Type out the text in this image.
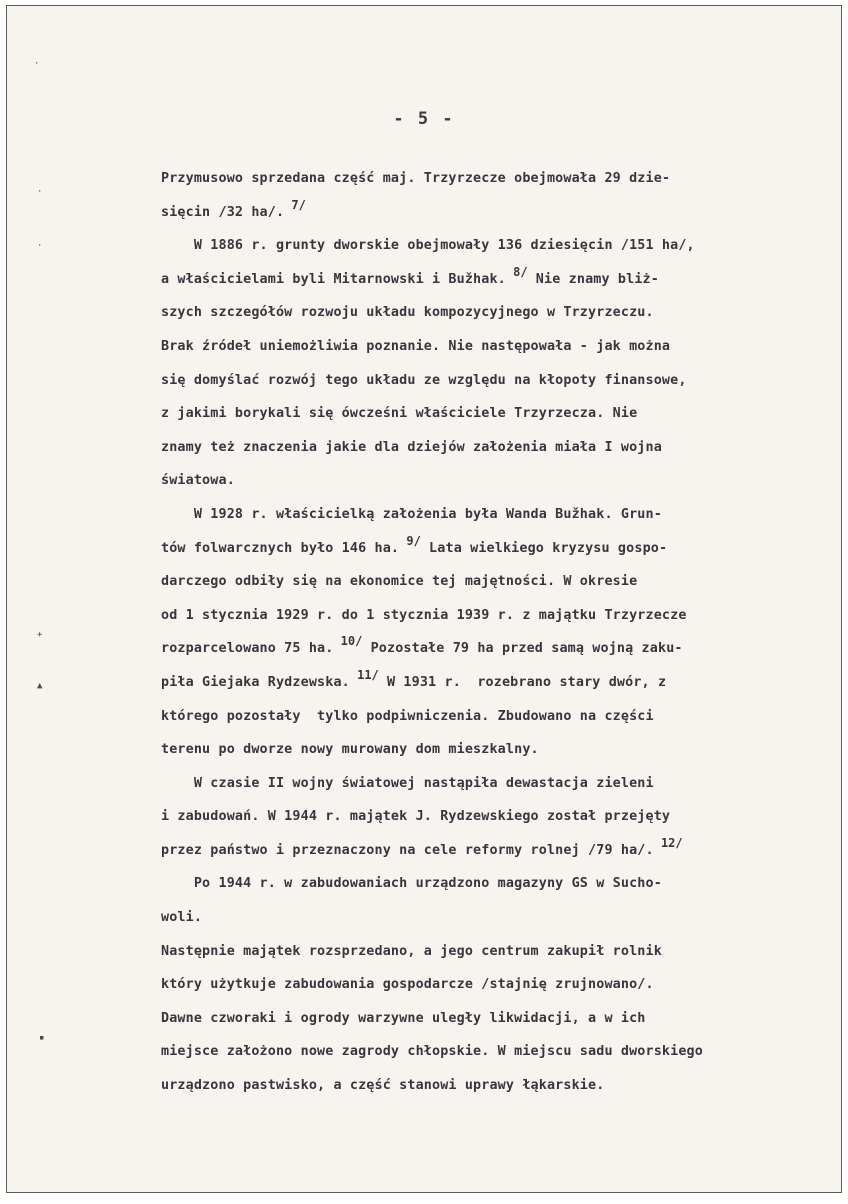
- 5 -
Przymusowo sprzedana część maj. Trzyrzecze obejmowała 29 dzie-
sięcin /32 ha/. $^{7/}$
W 1886 r. grunty dworskie obejmowały 136 dziesięcin /151 ha/,
a właścicielami byli Mitarnowski i Bužhak. $^{8/}$ Nie znamy bliż-
szych szczegółów rozwoju układu kompozycyjnego w Trzyrzeczu.
Brak źródeł uniemożliwia poznanie. Nie następowała - jak można
się domyślać rozwój tego układu ze względu na kłopoty finansowe,
z jakimi borykali się ówcześni właściciele Trzyrzecza. Nie
znamy też znaczenia jakie dla dziejów założenia miała I wojna
światowa.
W 1928 r. właścicielką założenia była Wanda Bužhak. Grun-
tów folwarcznych było 146 ha. $^{9/}$ Lata wielkiego kryzysu gospo-
darczego odbiły się na ekonomice tej majętności. W okresie
od 1 stycznia 1929 r. do 1 stycznia 1939 r. z majątku Trzyrzecze
rozparcelowano 75 ha. $^{10/}$ Pozostałe 79 ha przed samą wojną zaku-
piła Giejaka Rydzewska. $^{11/}$ W 1931 r.  rozebrano stary dwór, z
którego pozostały  tylko podpiwniczenia. Zbudowano na części
terenu po dworze nowy murowany dom mieszkalny.
W czasie II wojny światowej nastąpiła dewastacja zieleni
i zabudowań. W 1944 r. majątek J. Rydzewskiego został przejęty
przez państwo i przeznaczony na cele reformy rolnej /79 ha/. $^{12/}$
Po 1944 r. w zabudowaniach urządzono magazyny GS w Sucho-
woli.
Następnie majątek rozsprzedano, a jego centrum zakupił rolnik
który użytkuje zabudowania gospodarcze /stajnię zrujnowano/.
Dawne czworaki i ogrody warzywne uległy likwidacji, a w ich
miejsce założono nowe zagrody chłopskie. W miejscu sadu dworskiego
urządzono pastwisko, a część stanowi uprawy łąkarskie.
·
·
·
+
▲
▪
